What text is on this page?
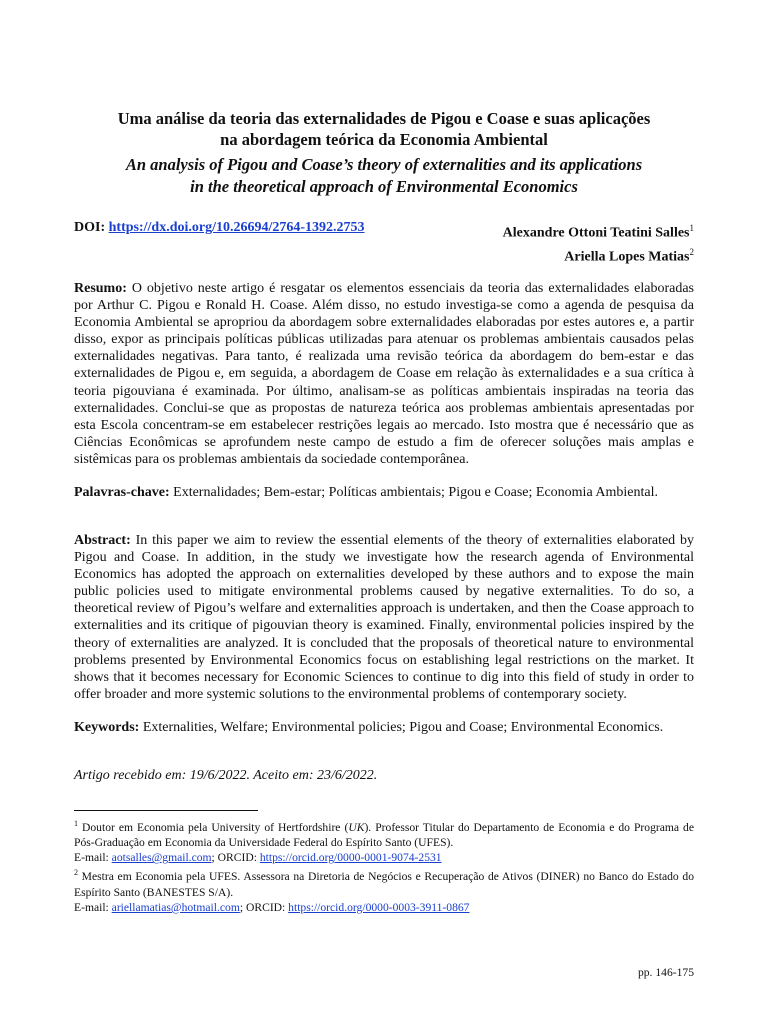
Uma análise da teoria das externalidades de Pigou e Coase e suas aplicações
na abordagem teórica da Economia Ambiental
An analysis of Pigou and Coase’s theory of externalities and its applications
in the theoretical approach of Environmental Economics
DOI: https://dx.doi.org/10.26694/2764-1392.2753	Alexandre Ottoni Teatini Salles$^1$
Ariella Lopes Matias$^2$
Resumo: O objetivo neste artigo é resgatar os elementos essenciais da teoria das externalidades elaboradas por Arthur C. Pigou e Ronald H. Coase. Além disso, no estudo investiga-se como a agenda de pesquisa da Economia Ambiental se apropriou da abordagem sobre externalidades elaboradas por estes autores e, a partir disso, expor as principais políticas públicas utilizadas para atenuar os problemas ambientais causados pelas externalidades negativas. Para tanto, é realizada uma revisão teórica da abordagem do bem-estar e das externalidades de Pigou e, em seguida, a abordagem de Coase em relação às externalidades e a sua crítica à teoria pigouviana é examinada. Por último, analisam-se as políticas ambientais inspiradas na teoria das externalidades. Conclui-se que as propostas de natureza teórica aos problemas ambientais apresentadas por esta Escola concentram-se em estabelecer restrições legais ao mercado. Isto mostra que é necessário que as Ciências Econômicas se aprofundem neste campo de estudo a fim de oferecer soluções mais amplas e sistêmicas para os problemas ambientais da sociedade contemporânea.
Palavras-chave: Externalidades; Bem-estar; Políticas ambientais; Pigou e Coase; Economia Ambiental.
Abstract: In this paper we aim to review the essential elements of the theory of externalities elaborated by Pigou and Coase. In addition, in the study we investigate how the research agenda of Environmental Economics has adopted the approach on externalities developed by these authors and to expose the main public policies used to mitigate environmental problems caused by negative externalities. To do so, a theoretical review of Pigou’s welfare and externalities approach is undertaken, and then the Coase approach to externalities and its critique of pigouvian theory is examined. Finally, environmental policies inspired by the theory of externalities are analyzed. It is concluded that the proposals of theoretical nature to environmental problems presented by Environmental Economics focus on establishing legal restrictions on the market. It shows that it becomes necessary for Economic Sciences to continue to dig into this field of study in order to offer broader and more systemic solutions to the environmental problems of contemporary society.
Keywords: Externalities, Welfare; Environmental policies; Pigou and Coase; Environmental Economics.
Artigo recebido em: 19/6/2022. Aceito em: 23/6/2022.
$^1$ Doutor em Economia pela University of Hertfordshire (UK). Professor Titular do Departamento de Economia e do Programa de Pós-Graduação em Economia da Universidade Federal do Espírito Santo (UFES).
E-mail: aotsalles@gmail.com; ORCID: https://orcid.org/0000-0001-9074-2531
$^2$ Mestra em Economia pela UFES. Assessora na Diretoria de Negócios e Recuperação de Ativos (DINER) no Banco do Estado do Espírito Santo (BANESTES S/A).
E-mail: ariellamatias@hotmail.com; ORCID: https://orcid.org/0000-0003-3911-0867
pp. 146-175
